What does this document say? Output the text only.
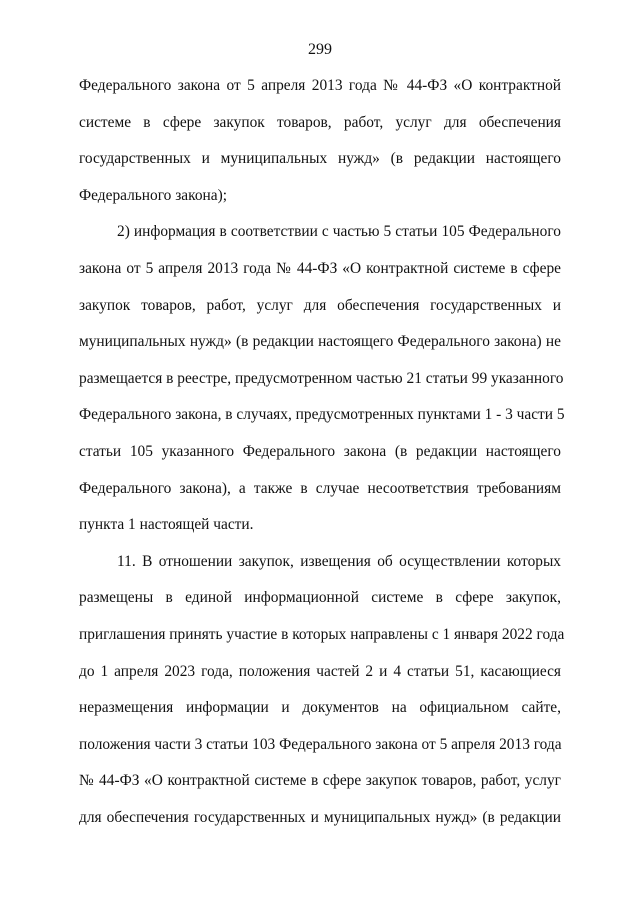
299

Федерального закона от 5 апреля 2013 года № 44-ФЗ «О контрактной
системе в сфере закупок товаров, работ, услуг для обеспечения
государственных и муниципальных нужд» (в редакции настоящего
Федерального закона);

2) информация в соответствии с частью 5 статьи 105 Федерального
закона от 5 апреля 2013 года № 44-ФЗ «О контрактной системе в сфере
закупок товаров, работ, услуг для обеспечения государственных и
муниципальных нужд» (в редакции настоящего Федерального закона) не
размещается в реестре, предусмотренном частью 21 статьи 99 указанного
Федерального закона, в случаях, предусмотренных пунктами 1 - 3 части 5
статьи 105 указанного Федерального закона (в редакции настоящего
Федерального закона), а также в случае несоответствия требованиям
пункта 1 настоящей части.

11. В отношении закупок, извещения об осуществлении которых
размещены в единой информационной системе в сфере закупок,
приглашения принять участие в которых направлены с 1 января 2022 года
до 1 апреля 2023 года, положения частей 2 и 4 статьи 51, касающиеся
неразмещения информации и документов на официальном сайте,
положения части 3 статьи 103 Федерального закона от 5 апреля 2013 года
№ 44-ФЗ «О контрактной системе в сфере закупок товаров, работ, услуг
для обеспечения государственных и муниципальных нужд» (в редакции
